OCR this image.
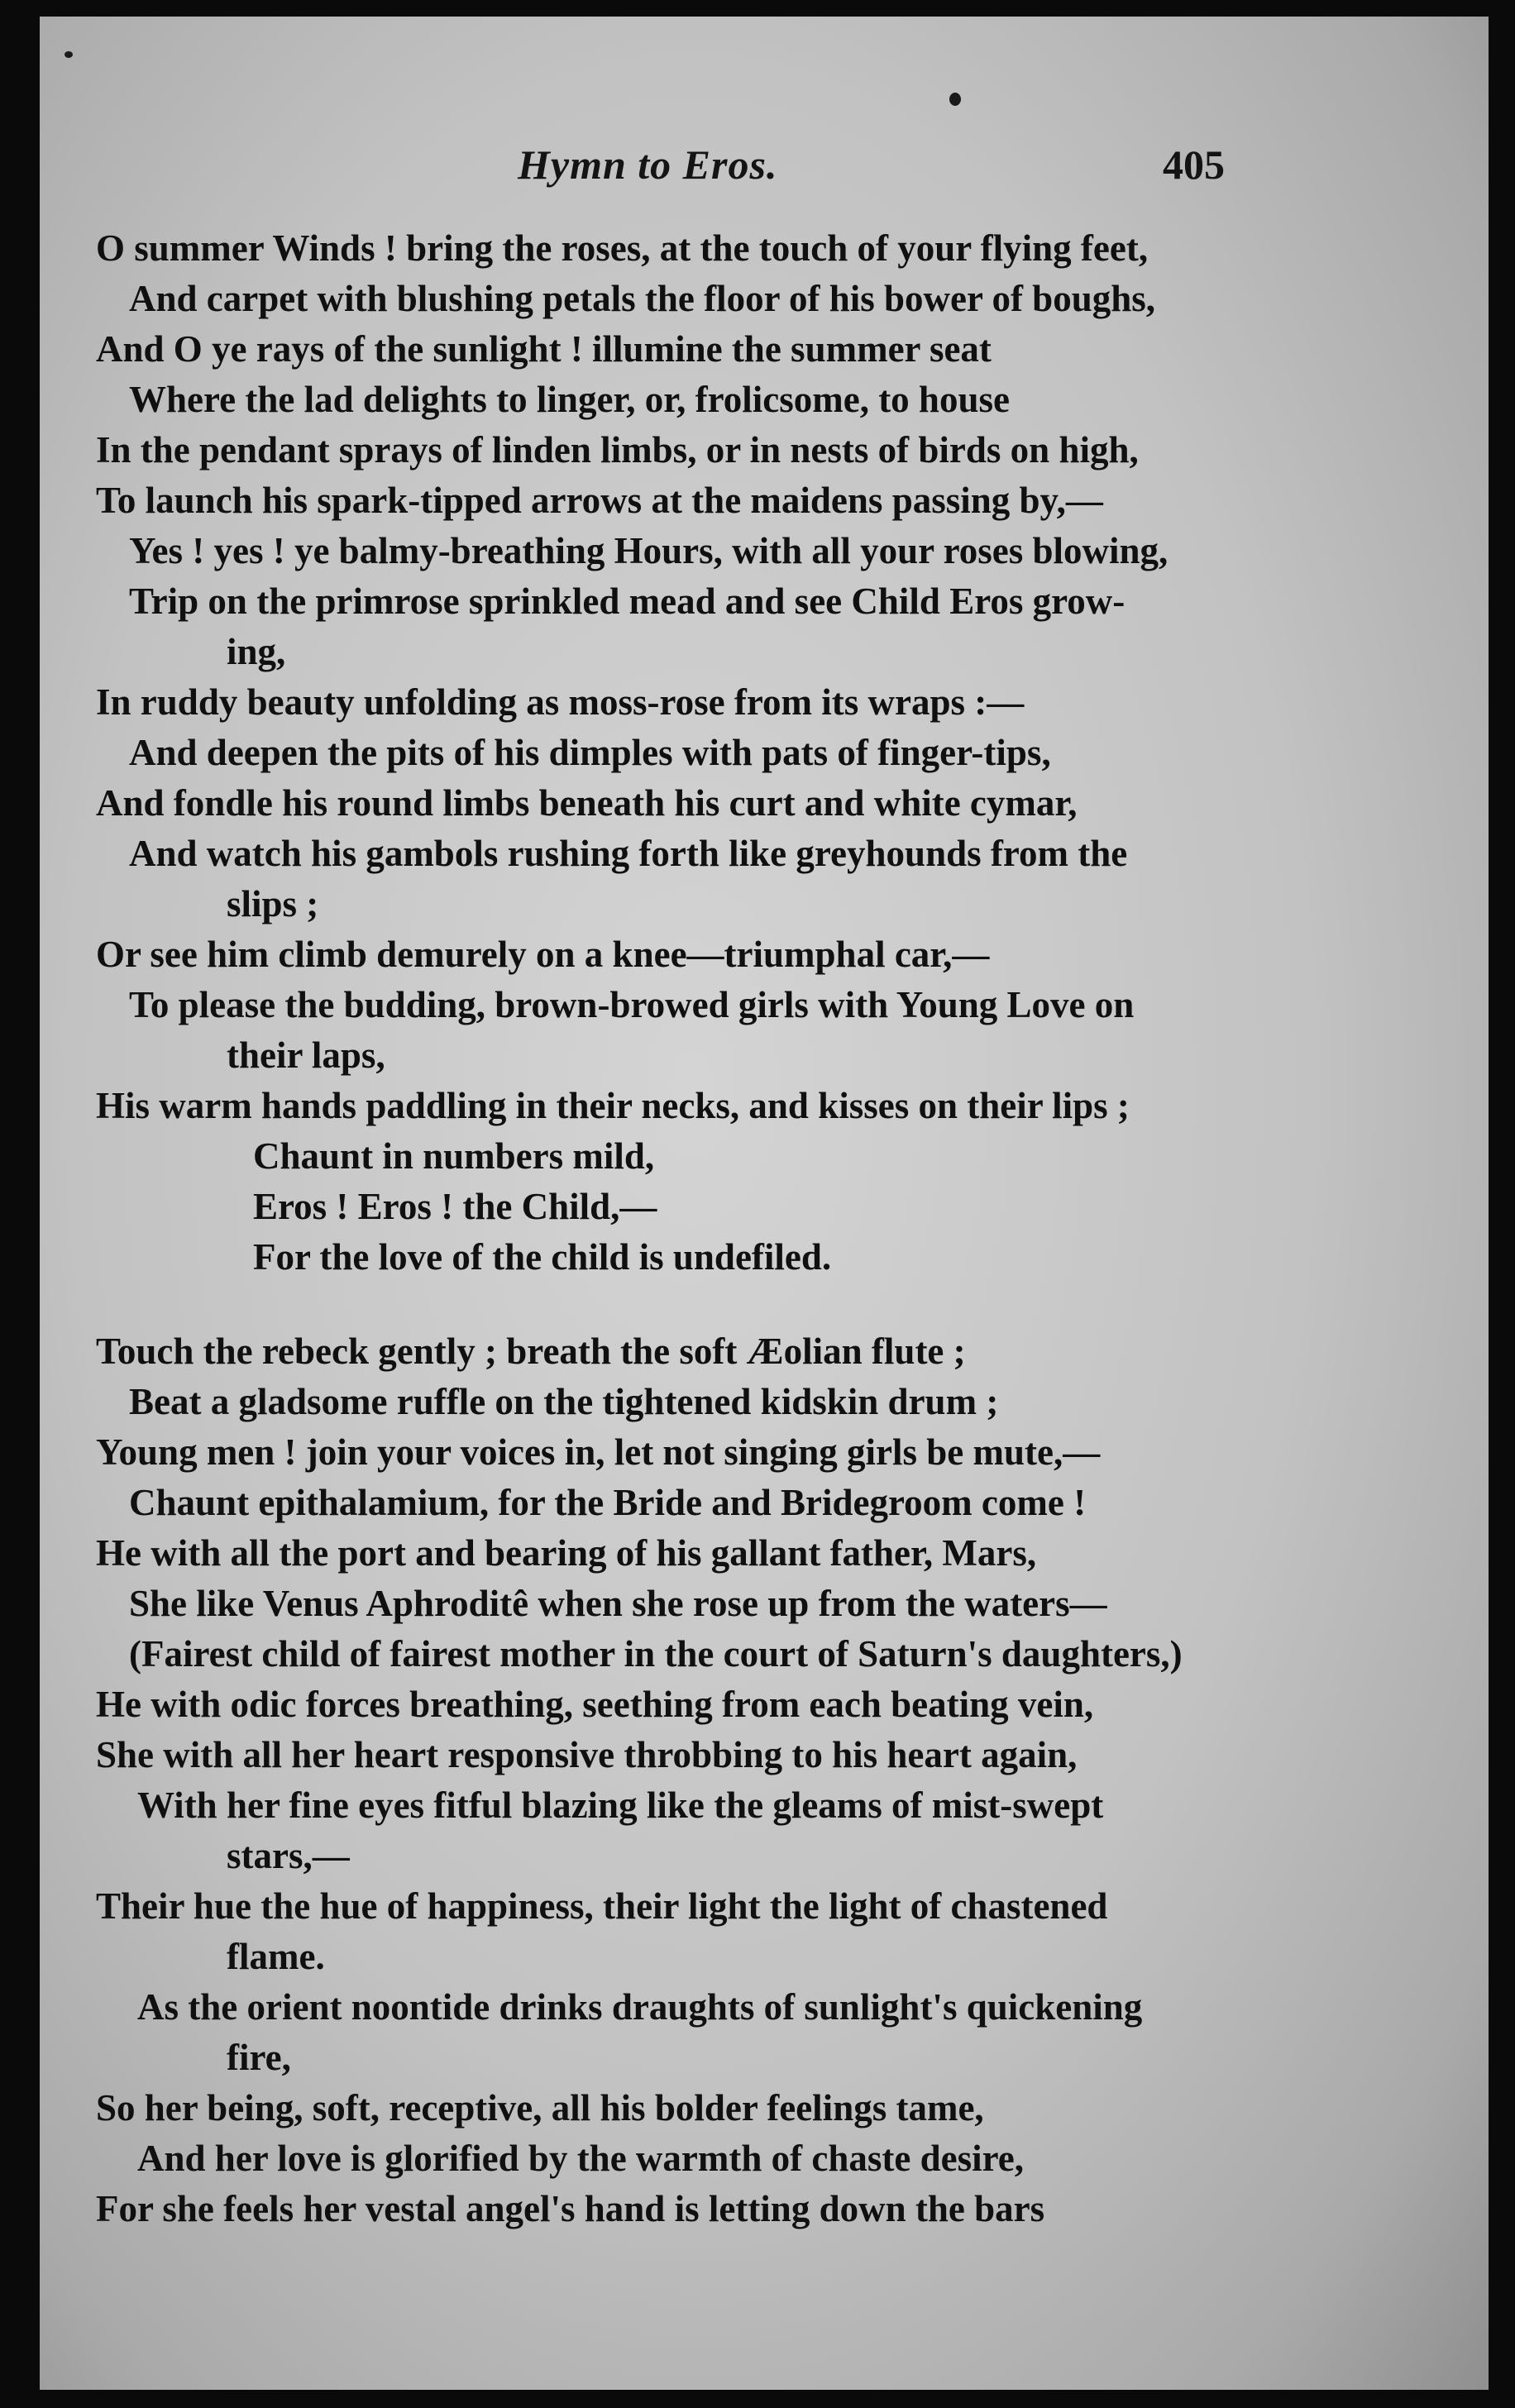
Hymn to Eros.	405
O summer Winds ! bring the roses, at the touch of your flying feet,
And carpet with blushing petals the floor of his bower of boughs,
And O ye rays of the sunlight ! illumine the summer seat
Where the lad delights to linger, or, frolicsome, to house
In the pendant sprays of linden limbs, or in nests of birds on high,
To launch his spark-tipped arrows at the maidens passing by,—
Yes ! yes ! ye balmy-breathing Hours, with all your roses blowing,
Trip on the primrose sprinkled mead and see Child Eros grow-
ing,
In ruddy beauty unfolding as moss-rose from its wraps :—
And deepen the pits of his dimples with pats of finger-tips,
And fondle his round limbs beneath his curt and white cymar,
And watch his gambols rushing forth like greyhounds from the
slips ;
Or see him climb demurely on a knee—triumphal car,—
To please the budding, brown-browed girls with Young Love on
their laps,
His warm hands paddling in their necks, and kisses on their lips ;
Chaunt in numbers mild,
Eros ! Eros ! the Child,—
For the love of the child is undefiled.
Touch the rebeck gently ; breath the soft Æolian flute ;
Beat a gladsome ruffle on the tightened kidskin drum ;
Young men ! join your voices in, let not singing girls be mute,—
Chaunt epithalamium, for the Bride and Bridegroom come !
He with all the port and bearing of his gallant father, Mars,
She like Venus Aphroditê when she rose up from the waters—
(Fairest child of fairest mother in the court of Saturn's daughters,)
He with odic forces breathing, seething from each beating vein,
She with all her heart responsive throbbing to his heart again,
With her fine eyes fitful blazing like the gleams of mist-swept
stars,—
Their hue the hue of happiness, their light the light of chastened
flame.
As the orient noontide drinks draughts of sunlight's quickening
fire,
So her being, soft, receptive, all his bolder feelings tame,
And her love is glorified by the warmth of chaste desire,
For she feels her vestal angel's hand is letting down the bars
